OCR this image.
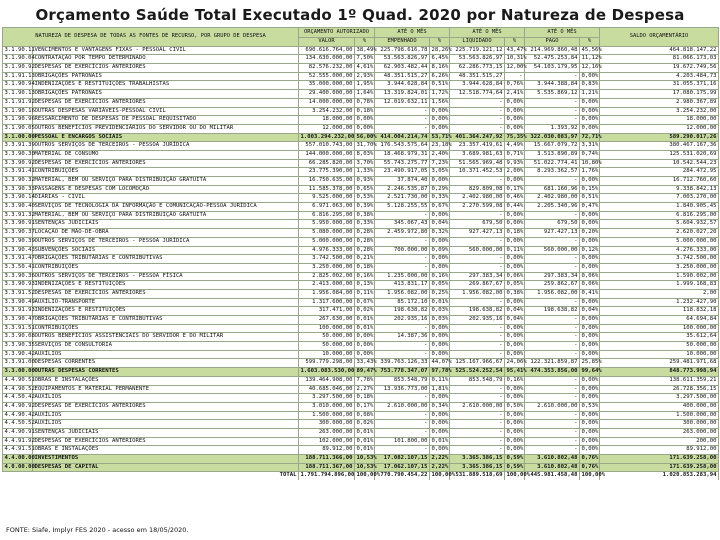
Orçamento Saúde Total Executado 1º Quad. 2020 por Natureza de Despesa
NATUREZA DE DESPESA DE TODAS AS FONTES DE RECURSO, POR GRUPO DE DESPESA		ORÇAMENTO AUTORIZADO		ATÉ O MÊS		ATÉ O MÊS		ATÉ O MÊS		SALDO ORÇAMENTÁRIO
		VALOR	%	EMPENHADO	%	LIQUIDADO	%	PAGO	%	
3.1.90.11	VENCIMENTOS E VANTAGENS FIXAS - PESSOAL CIVIL	690.616.764,00	38,49%	225.798.616,78	28,26%	225.719.121,12	43,47%	214.969.860,48	45,56%	464.818.147,22
3.1.90.04	CONTRATAÇÃO POR TEMPO DETERMINADO	134.630.000,00	7,50%	53.563.826,97	6,45%	53.563.826,97	10,31%	52.475.253,84	11,12%	81.066.173,03
3.1.90.92	DESPESAS DE EXERCÍCIOS ANTERIORES	82.576.232,00	4,61%	62.903.482,44	8,16%	62.286.773,15	12,00%	54.103.179,95	12,16%	19.672.749,56
3.1.91.13	OBRIGAÇÕES PATRONAIS	52.555.000,00	2,93%	48.351.515,27	6,26%	48.351.515,27	-	-	0,00%	4.203.484,73
3.1.90.94	INDENIZAÇÕES E RESTITUIÇÕES TRABALHISTAS	35.000.000,00	1,95%	3.944.628,84	0,51%	3.944.628,84	0,76%	3.944.388,84	0,83%	31.055.371,16
3.1.90.13	OBRIGAÇÕES PATRONAIS	29.400.000,00	1,64%	13.319.824,01	1,72%	12.518.774,64	2,41%	5.535.869,12	1,21%	17.080.175,99
3.1.91.92	DESPESAS DE EXERCÍCIOS ANTERIORES	14.000.000,00	0,78%	12.019.632,11	1,56%	-	0,00%	-	0,00%	2.980.367,89
3.1.90.16	OUTRAS DESPESAS VARIÁVEIS-PESSOAL CIVIL	3.254.232,00	0,18%	-	0,00%	-	0,00%	-	0,00%	3.254.232,00
3.1.90.96	RESSARCIMENTO DE DESPESAS DE PESSOAL REQUISITADO	18.000,00	0,00%	-	0,00%	-	0,00%	-	0,00%	18.000,00
3.1.90.05	OUTROS BENEFÍCIOS PREVIDENCIÁRIOS DO SERVIDOR OU DO MILITAR	12.000,00	0,00%	-	0,00%	-	0,00%	1.393,92	0,00%	12.000,00
3.1.00.00	PESSOAL E ENCARGOS SOCIAIS	1.003.294.232,00	56,00%	414.004.214,74	53,71%	401.364.247,92	75,35%	322.030.083,97	72,71%	589.290.017,26
3.3.91.39	OUTROS SERVIÇOS DE TERCEIROS - PESSOA JURÍDICA	557.010.743,00	31,70%	176.543.575,64	23,18%	23.357.419,61	4,49%	15.667.079,72	3,31%	380.467.167,36
3.3.90.30	MATERIAL DE CONSUMO	144.000.000,00	8,03%	18.468.979,31	2,40%	3.689.981,63	0,71%	3.513.890,89	0,74%	125.531.020,69
3.3.90.92	DESPESAS DE EXERCÍCIOS ANTERIORES	66.285.820,00	3,70%	55.743.275,77	7,23%	51.565.969,48	9,93%	51.022.774,41	10,80%	10.542.544,23
3.3.91.41	CONTRIBUIÇÕES	23.775.390,00	1,33%	23.490.917,05	3,05%	10.371.452,53	2,00%	8.293.362,57	1,76%	284.472,95
3.3.90.32	MATERIAL, BEM OU SERVIÇO PARA DISTRIBUIÇÃO GRATUITA	16.750.635,00	0,93%	37.874,40	0,00%	-	0,00%	-	0,00%	16.712.760,60
3.3.90.33	PASSAGENS E DESPESAS COM LOCOMOÇÃO	11.585.378,00	0,65%	2.246.535,87	0,29%	829.809,08	0,17%	681.160,96	0,15%	9.338.842,13
3.3.90.14	DIÁRIAS - CIVIL	9.525.000,00	0,53%	2.521.730,00	0,33%	2.402.980,00	0,46%	2.402.980,00	0,51%	7.003.270,00
3.3.90.40	SERVIÇOS DE TECNOLOGIA DA INFORMAÇÃO E COMUNICAÇÃO-PESSOA JURÍDICA	6.971.063,00	0,39%	5.128.255,55	0,67%	2.270.599,08	0,44%	2.205.340,96	0,47%	1.840.905,45
3.3.91.32	MATERIAL, BEM OU SERVIÇO PARA DISTRIBUIÇÃO GRATUITA	6.816.295,00	0,38%	-	0,00%	-	0,00%	-	0,00%	6.816.295,00
3.3.90.91	SENTENÇAS JUDICIAIS	5.950.000,00	0,33%	345.067,43	0,04%	679,50	0,00%	679,50	0,00%	5.604.932,57
3.3.90.37	LOCAÇÃO DE MÃO-DE-OBRA	5.080.000,00	0,28%	2.459.972,80	0,32%	927.427,13	0,18%	927.427,13	0,20%	2.620.027,20
3.3.90.39	OUTROS SERVIÇOS DE TERCEIROS - PESSOA JURÍDICA	5.000.000,00	0,28%	-	0,00%	-	0,00%	-	0,00%	5.000.000,00
3.3.90.43	SUBVENÇÕES SOCIAIS	4.976.333,00	0,28%	700.000,00	0,09%	560.000,00	0,11%	560.000,00	0,12%	4.276.333,00
3.3.91.47	OBRIGAÇÕES TRIBUTÁRIAS E CONTRIBUTIVAS	3.742.500,00	0,21%	-	0,00%	-	0,00%	-	0,00%	3.742.500,00
3.3.50.41	CONTRIBUIÇÕES	3.250.000,00	0,18%	-	0,00%	-	0,00%	-	0,00%	3.250.000,00
3.3.90.36	OUTROS SERVIÇOS DE TERCEIROS - PESSOA FÍSICA	2.825.002,00	0,16%	1.235.000,00	0,16%	297.383,34	0,06%	297.383,34	0,06%	1.590.002,00
3.3.90.93	INDENIZAÇÕES E RESTITUIÇÕES	2.413.000,00	0,13%	413.831,17	0,05%	269.867,67	0,05%	259.862,67	0,06%	1.999.168,83
3.3.91.52	DESPESAS DE EXERCÍCIOS ANTERIORES	1.956.084,00	0,11%	1.956.082,00	0,25%	1.956.082,00	0,38%	1.956.082,00	0,41%	2,00
3.3.90.49	AUXÍLIO-TRANSPORTE	1.317.600,00	0,07%	85.172,10	0,01%	-	0,00%	-	0,00%	1.232.427,90
3.3.91.93	INDENIZAÇÕES E RESTITUIÇÕES	317.471,00	0,02%	198.638,82	0,03%	198.638,82	0,04%	198.638,82	0,04%	118.832,18
3.3.90.47	OBRIGAÇÕES TRIBUTÁRIAS E CONTRIBUTIVAS	267.630,00	0,01%	202.935,16	0,03%	202.935,16	0,04%	-	0,00%	64.694,84
3.3.91.51	CONTRIBUIÇÕES	100.000,00	0,01%	-	0,00%	-	0,00%	-	0,00%	100.000,00
3.3.90.08	OUTROS BENEFÍCIOS ASSISTENCIAIS DO SERVIDOR E DO MILITAR	50.000,00	0,00%	14.387,36	0,00%	-	0,00%	-	0,00%	35.612,64
3.3.90.35	SERVIÇOS DE CONSULTORIA	50.000,00	0,00%	-	0,00%	-	0,00%	-	0,00%	50.000,00
3.3.90.42	AUXÍLIOS	10.000,00	0,00%	-	0,00%	-	0,00%	-	0,00%	10.000,00
3.3.91.00	DESPESAS CORRENTES	599.779.298,00	33,43%	339.763.126,33	44,07%	125.167.966,67	24,06%	122.321.859,87	25,85%	259.481.971,68
3.3.00.00	OUTRAS DESPESAS CORRENTES	1.603.083.530,00	89,47%	753.778.347,07	97,78%	525.524.252,54	95,41%	474.353.856,00	99,64%	848.773.998,94
4.4.90.51	OBRAS E INSTALAÇÕES	139.464.908,00	7,78%	853.548,79	0,11%	853.548,79	0,16%	-	0,00%	138.611.359,21
4.4.90.52	EQUIPAMENTOS E MATERIAL PERMANENTE	40.685.046,00	2,27%	13.936.773,00	1,81%	-	0,00%	-	0,00%	26.728.356,15
4.4.50.42	AUXÍLIOS	3.297.500,00	0,18%	-	0,00%	-	0,00%	-	0,00%	3.297.500,00
4.4.90.92	DESPESAS DE EXERCÍCIOS ANTERIORES	3.010.000,00	0,17%	2.610.000,00	0,34%	2.610.000,00	0,50%	2.610.000,00	0,53%	400.000,00
4.4.90.42	AUXÍLIOS	1.500.000,00	0,08%	-	0,00%	-	0,00%	-	0,00%	1.500.000,00
4.4.50.52	AUXÍLIOS	300.000,00	0,02%	-	0,00%	-	0,00%	-	0,00%	300.000,00
4.4.90.91	SENTENÇAS JUDICIAIS	263.000,00	0,01%	-	0,00%	-	0,00%	-	0,00%	263.000,00
4.4.91.92	DESPESAS DE EXERCÍCIOS ANTERIORES	102.000,00	0,01%	101.800,00	0,01%	-	0,00%	-	0,00%	200,00
4.4.91.51	OBRAS E INSTALAÇÕES	89.912,00	0,01%	-	0,00%	-	0,00%	-	0,00%	89.912,00
4.4.00.00	INVESTIMENTOS	188.711.366,00	10,53%	17.082.107,15	2,22%	3.365.386,15	0,59%	3.610.802,48	0,76%	171.639.258,00
4.0.00.00	DESPESAS DE CAPITAL	188.711.367,00	10,53%	17.062.107,15	2,22%	3.365.386,15	0,59%	3.610.802,48	0,76%	171.639.258,00
	TOTAL	1.791.794.896,00	100,00%	770.790.454,22	100,00%	531.889.518,69	100,00%	445.981.458,48	100,00%	1.020.853.283,94
FONTE: Siafe, Implyr FES 2020 - acesso em 18/05/2020.
